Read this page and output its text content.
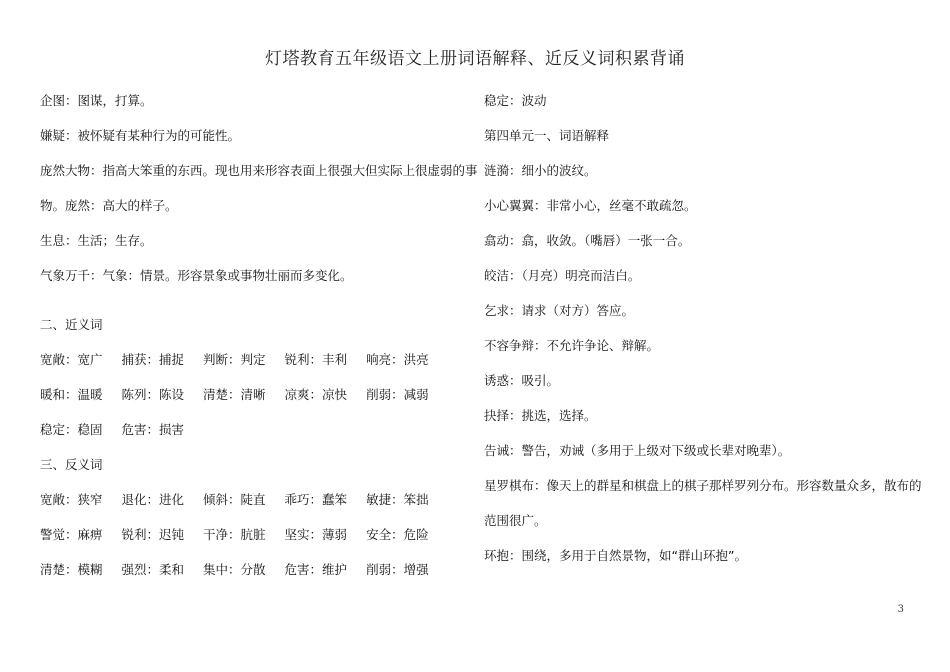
灯塔教育五年级语文上册词语解释、近反义词积累背诵
企图：图谋，打算。
嫌疑：被怀疑有某种行为的可能性。
庞然大物：指高大笨重的东西。现也用来形容表面上很强大但实际上很虚弱的事
物。庞然：高大的样子。
生息：生活；生存。
气象万千：气象：情景。形容景象或事物壮丽而多变化。
二、近义词
宽敞：宽广 捕获：捕捉 判断：判定 锐利：丰利 响亮：洪亮
暖和：温暖 陈列：陈设 清楚：清晰 凉爽：凉快 削弱：减弱
稳定：稳固 危害：损害
三、反义词
宽敞：狭窄 退化：进化 倾斜：陡直 乖巧：蠢笨 敏捷：笨拙
警觉：麻痹 锐利：迟钝 干净：肮脏 坚实：薄弱 安全：危险
清楚：模糊 强烈：柔和 集中：分散 危害：维护 削弱：增强
稳定：波动
第四单元一、词语解释
涟漪：细小的波纹。
小心翼翼：非常小心，丝毫不敢疏忽。
翕动：翕，收敛。（嘴唇）一张一合。
皎洁：（月亮）明亮而洁白。
乞求：请求（对方）答应。
不容争辩：不允许争论、辩解。
诱惑：吸引。
抉择：挑选，选择。
告诫：警告，劝诫（多用于上级对下级或长辈对晚辈）。
星罗棋布：像天上的群星和棋盘上的棋子那样罗列分布。形容数量众多，散布的
范围很广。
环抱：围绕，多用于自然景物，如“群山环抱”。
3
